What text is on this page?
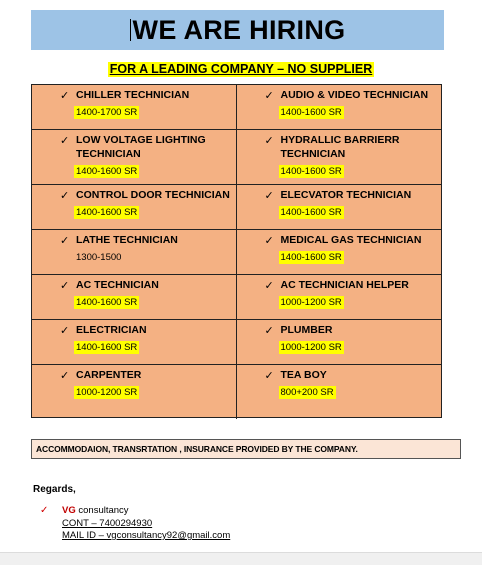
WE ARE HIRING
FOR A LEADING COMPANY – NO SUPPLIER
✓ CHILLER TECHNICIAN
1400-1700 SR
✓ AUDIO & VIDEO TECHNICIAN
1400-1600 SR
✓ LOW VOLTAGE LIGHTING TECHNICIAN
1400-1600 SR
✓ HYDRALLIC BARRIERR TECHNICIAN
1400-1600 SR
✓ CONTROL DOOR TECHNICIAN
1400-1600 SR
✓ ELECVATOR TECHNICIAN
1400-1600 SR
✓ LATHE TECHNICIAN
1300-1500
✓ MEDICAL GAS TECHNICIAN
1400-1600 SR
✓ AC TECHNICIAN
1400-1600 SR
✓ AC TECHNICIAN HELPER
1000-1200 SR
✓ ELECTRICIAN
1400-1600 SR
✓ PLUMBER
1000-1200 SR
✓ CARPENTER
1000-1200 SR
✓ TEA BOY
800+200 SR
ACCOMMODAION, TRANSRTATION , INSURANCE PROVIDED BY THE COMPANY.
Regards,
✓	VG consultancy
CONT – 7400294930
MAIL ID – vgconsultancy92@gmail.com
